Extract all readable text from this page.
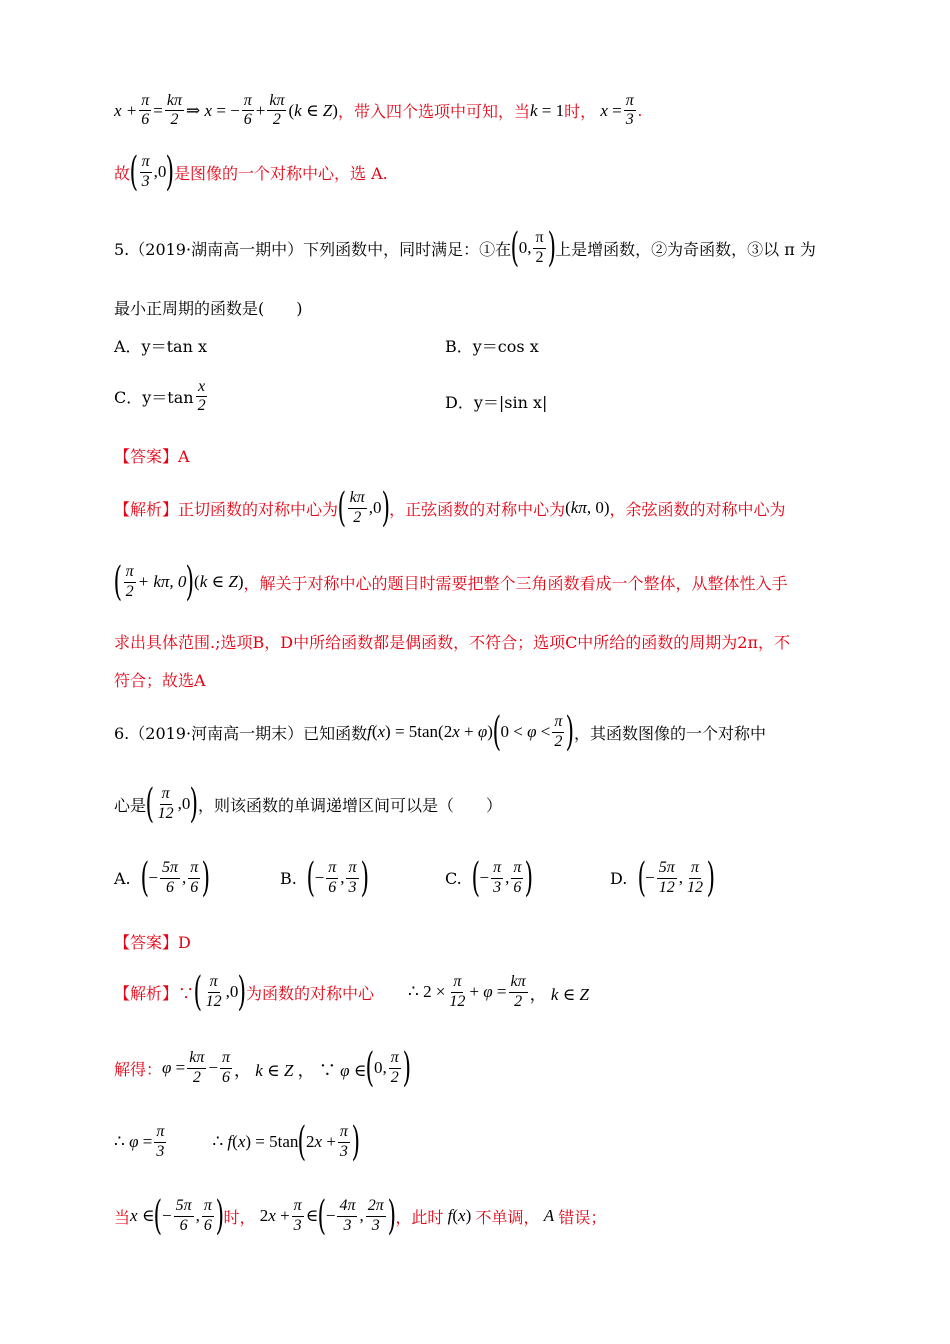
$x + \frac{\pi}{6} = \frac{k\pi}{2}$ ⇒ x = − $\frac{\pi}{6} + \frac{k\pi}{2} (k$ ∈ Z) ，带入四个选项中可知，当 k = 1 时， $x = \frac{\pi}{3}$ .
故 ( $\frac{\pi}{3} ,0$ ) 是图像的一个对称中心，选 A.
5.（2019·湖南高一期中）下列函数中，同时满足：①在 ( 0, $\frac{\pi}{2}$ ) 上是增函数，②为奇函数，③以 π 为
最小正周期的函数是(　　)
A．y＝tan x	B．y＝cos x
C．$y=\tan \frac{x}{2}$	D．y＝|sin x|
【答案】A
【解析】正切函数的对称中心为 ( $\frac{k\pi}{2} ,0$ ) ，正弦函数的对称中心为 (kπ, 0) ，余弦函数的对称中心为
( $\frac{\pi}{2} + k\pi$, 0 ) (k ∈ Z) ，解关于对称中心的题目时需要把整个三角函数看成一个整体，从整体性入手
求出具体范围.;选项B，D中所给函数都是偶函数，不符合；选项C中所给的函数的周期为2π，不
符合；故选A
6.（2019·河南高一期末）已知函数 f(x) = 5tan(2x + φ) ( $0 < \varphi < \frac{\pi}{2}$ ) ，其函数图像的一个对称中
心是 ( $\frac{\pi}{12} ,0$ ) ，则该函数的单调递增区间可以是（　　）
A.
( − $\frac{5\pi}{6}$ , $\frac{\pi}{6}$ )	B.
( − $\frac{\pi}{6}$ , $\frac{\pi}{3}$ )	C.
( − $\frac{\pi}{3}$ , $\frac{\pi}{6}$ )	D.
( − $\frac{5\pi}{12}$ , $\frac{\pi}{12}$ )
【答案】D
【解析】∵ ( $\frac{\pi}{12} ,0$ ) 为函数的对称中心 ∴ $2 \times \frac{\pi}{12} + \varphi = \frac{k\pi}{2}$ ， k ∈ Z
解得： $\varphi = \frac{k\pi}{2} - \frac{\pi}{6}$ ， k ∈ Z ， ∵ φ ∈ ( 0, $\frac{\pi}{2}$ )
∴ $\varphi = \frac{\pi}{3}$	∴ f(x) = 5tan ( $2x + \frac{\pi}{3}$ )
当 x ∈ ( − $\frac{5\pi}{6}$ , $\frac{\pi}{6}$ ) 时， $2x + \frac{\pi}{3}$ ∈ ( − $\frac{4\pi}{3}$ , $\frac{2\pi}{3}$ ) ，此时 f(x) 不单调， A 错误；
